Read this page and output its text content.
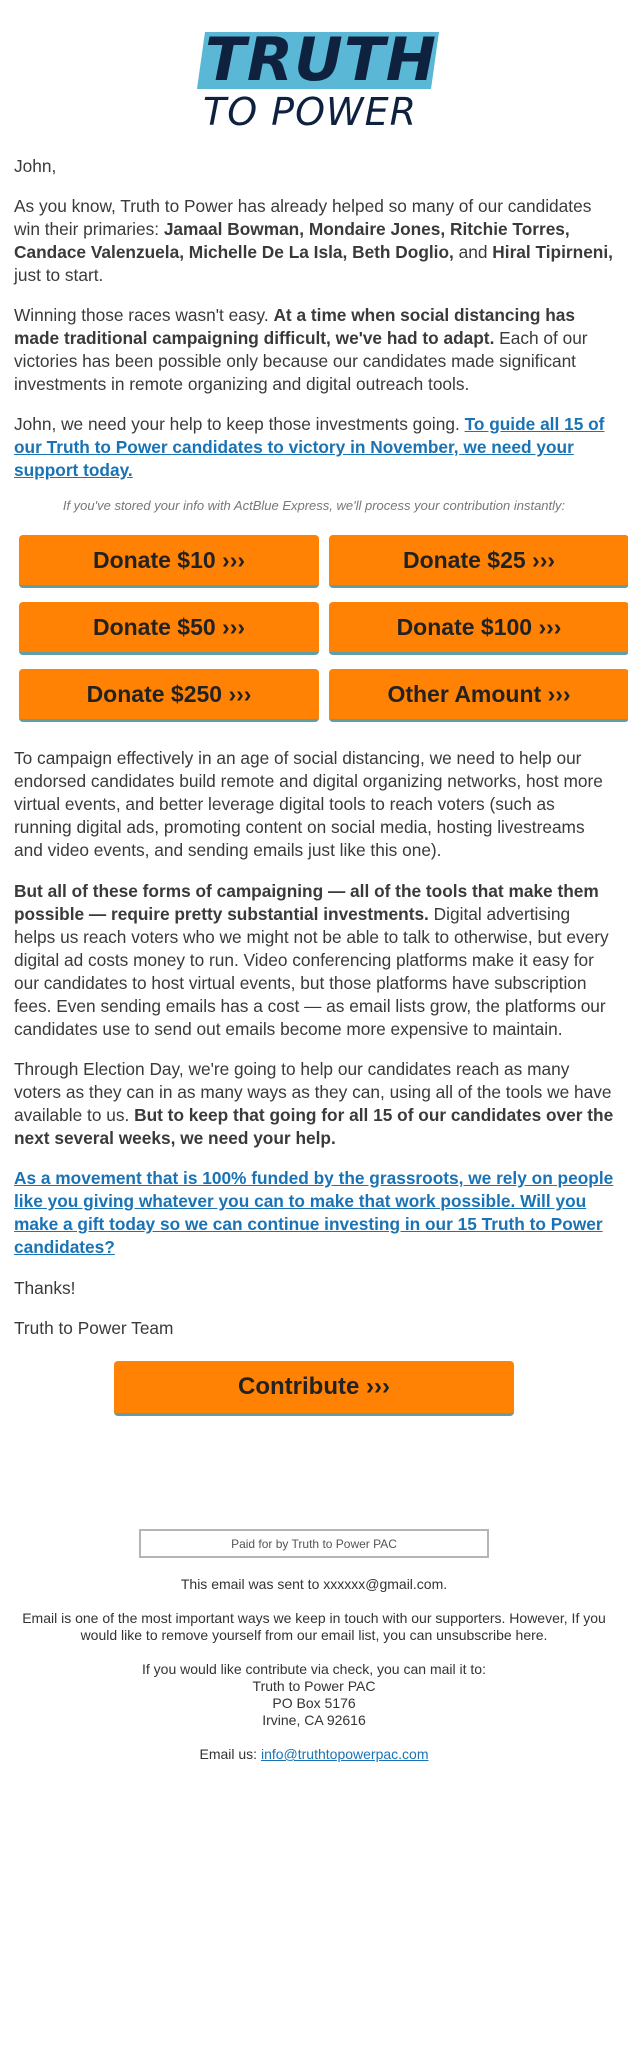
TRUTH
TO POWER
John,
As you know, Truth to Power has already helped so many of our candidates win their primaries: Jamaal Bowman, Mondaire Jones, Ritchie Torres, Candace Valenzuela, Michelle De La Isla, Beth Doglio, and Hiral Tipirneni, just to start.
Winning those races wasn't easy. At a time when social distancing has made traditional campaigning difficult, we've had to adapt. Each of our victories has been possible only because our candidates made significant investments in remote organizing and digital outreach tools.
John, we need your help to keep those investments going. To guide all 15 of our Truth to Power candidates to victory in November, we need your support today.
If you've stored your info with ActBlue Express, we'll process your contribution instantly:
Donate $10 ›››	Donate $25 ›››
Donate $50 ›››	Donate $100 ›››
Donate $250 ›››	Other Amount ›››
To campaign effectively in an age of social distancing, we need to help our endorsed candidates build remote and digital organizing networks, host more virtual events, and better leverage digital tools to reach voters (such as running digital ads, promoting content on social media, hosting livestreams and video events, and sending emails just like this one).
But all of these forms of campaigning — all of the tools that make them possible — require pretty substantial investments. Digital advertising helps us reach voters who we might not be able to talk to otherwise, but every digital ad costs money to run. Video conferencing platforms make it easy for our candidates to host virtual events, but those platforms have subscription fees. Even sending emails has a cost — as email lists grow, the platforms our candidates use to send out emails become more expensive to maintain.
Through Election Day, we're going to help our candidates reach as many voters as they can in as many ways as they can, using all of the tools we have available to us. But to keep that going for all 15 of our candidates over the next several weeks, we need your help.
As a movement that is 100% funded by the grassroots, we rely on people like you giving whatever you can to make that work possible. Will you make a gift today so we can continue investing in our 15 Truth to Power candidates?
Thanks!
Truth to Power Team
Contribute ›››
Paid for by Truth to Power PAC
This email was sent to xxxxxx@gmail.com.
Email is one of the most important ways we keep in touch with our supporters. However, If you would like to remove yourself from our email list, you can unsubscribe here.
If you would like contribute via check, you can mail it to:
Truth to Power PAC
PO Box 5176
Irvine, CA 92616
Email us: info@truthtopowerpac.com
